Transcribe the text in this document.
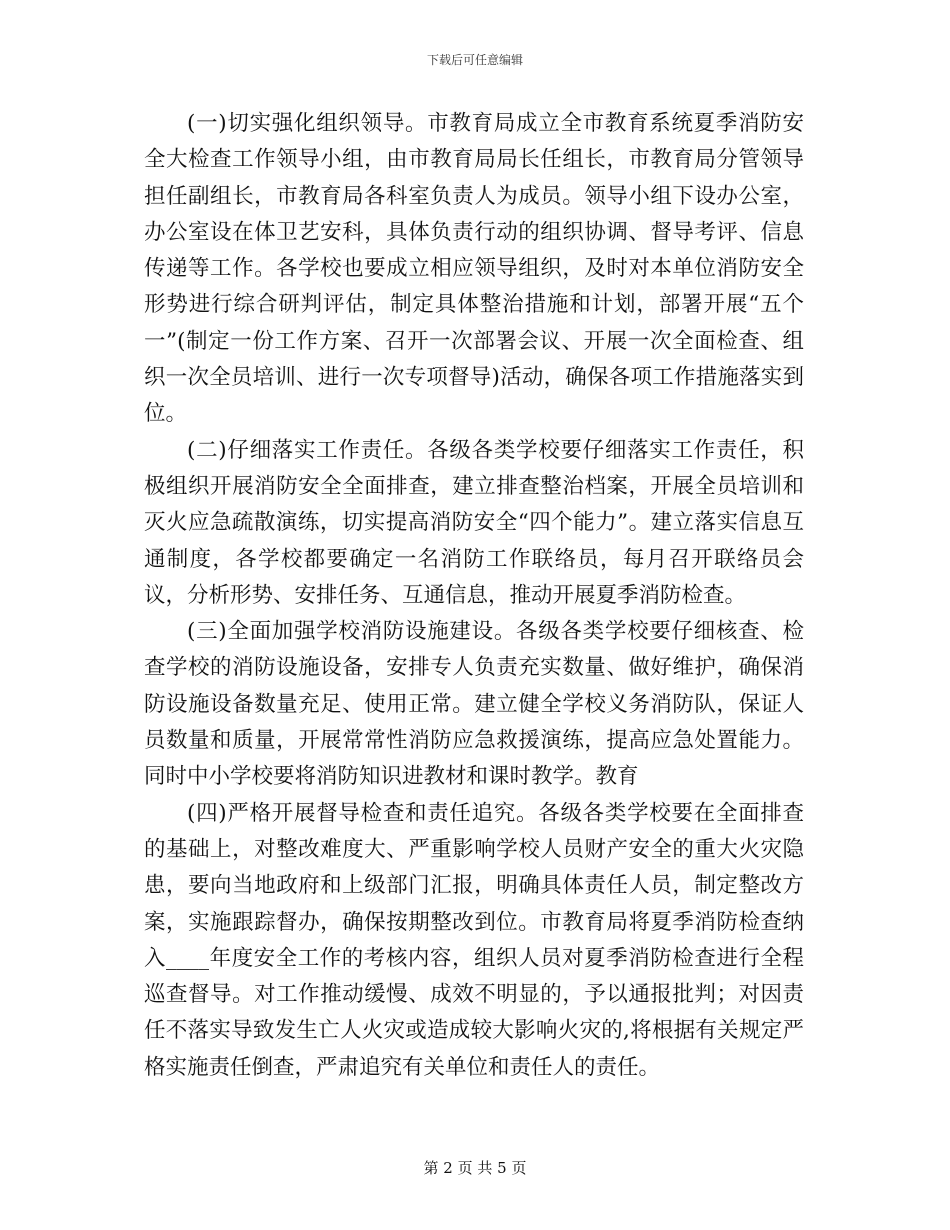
下载后可任意编辑

(一)切实强化组织领导。市教育局成立全市教育系统夏季消防安全大检查工作领导小组，由市教育局局长任组长，市教育局分管领导担任副组长，市教育局各科室负责人为成员。领导小组下设办公室，办公室设在体卫艺安科，具体负责行动的组织协调、督导考评、信息传递等工作。各学校也要成立相应领导组织，及时对本单位消防安全形势进行综合研判评估，制定具体整治措施和计划，部署开展“五个一”(制定一份工作方案、召开一次部署会议、开展一次全面检查、组织一次全员培训、进行一次专项督导)活动，确保各项工作措施落实到位。

(二)仔细落实工作责任。各级各类学校要仔细落实工作责任，积极组织开展消防安全全面排查，建立排查整治档案，开展全员培训和灭火应急疏散演练，切实提高消防安全“四个能力”。建立落实信息互通制度，各学校都要确定一名消防工作联络员，每月召开联络员会议，分析形势、安排任务、互通信息，推动开展夏季消防检查。

(三)全面加强学校消防设施建设。各级各类学校要仔细核查、检查学校的消防设施设备，安排专人负责充实数量、做好维护，确保消防设施设备数量充足、使用正常。建立健全学校义务消防队，保证人员数量和质量，开展常常性消防应急救援演练，提高应急处置能力。同时中小学校要将消防知识进教材和课时教学。教育

(四)严格开展督导检查和责任追究。各级各类学校要在全面排查的基础上，对整改难度大、严重影响学校人员财产安全的重大火灾隐患，要向当地政府和上级部门汇报，明确具体责任人员，制定整改方案，实施跟踪督办，确保按期整改到位。市教育局将夏季消防检查纳入____年度安全工作的考核内容，组织人员对夏季消防检查进行全程巡查督导。对工作推动缓慢、成效不明显的，予以通报批判；对因责任不落实导致发生亡人火灾或造成较大影响火灾的,将根据有关规定严格实施责任倒查，严肃追究有关单位和责任人的责任。

第 2 页 共 5 页
